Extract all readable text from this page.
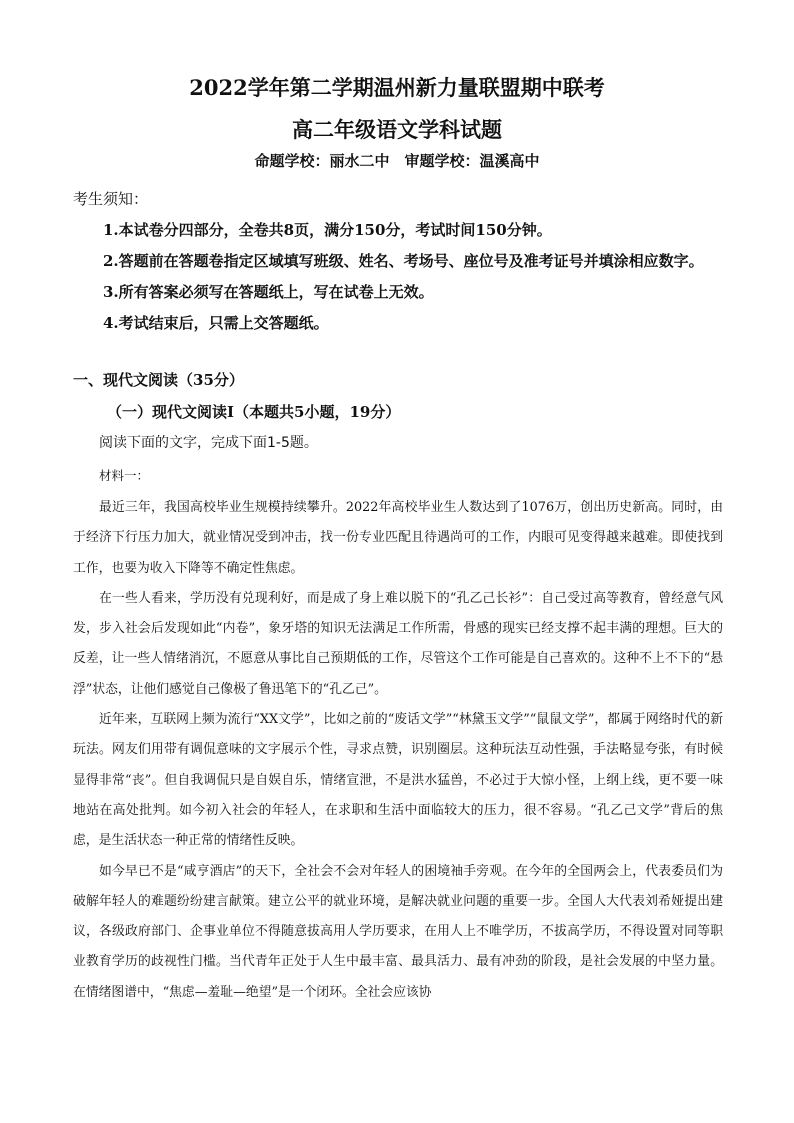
2022学年第二学期温州新力量联盟期中联考
高二年级语文学科试题
命题学校：丽水二中　审题学校：温溪高中

考生须知：

1.本试卷分四部分，全卷共8页，满分150分，考试时间150分钟。

2.答题前在答题卷指定区域填写班级、姓名、考场号、座位号及准考证号并填涂相应数字。

3.所有答案必须写在答题纸上，写在试卷上无效。

4.考试结束后，只需上交答题纸。

一、现代文阅读（35分）
（一）现代文阅读Ⅰ（本题共5小题，19分）

阅读下面的文字，完成下面1-5题。

材料一：

最近三年，我国高校毕业生规模持续攀升。2022年高校毕业生人数达到了1076万，创出历史新高。同时，由于经济下行压力加大，就业情况受到冲击，找一份专业匹配且待遇尚可的工作，内眼可见变得越来越难。即使找到工作，也要为收入下降等不确定性焦虑。

在一些人看来，学历没有兑现利好，而是成了身上难以脱下的“孔乙己长衫”：自己受过高等教育，曾经意气风发，步入社会后发现如此“内卷”，象牙塔的知识无法满足工作所需，骨感的现实已经支撑不起丰满的理想。巨大的反差，让一些人情绪消沉，不愿意从事比自己预期低的工作，尽管这个工作可能是自己喜欢的。这种不上不下的“悬浮”状态，让他们感觉自己像极了鲁迅笔下的“孔乙己”。

近年来，互联网上频为流行“XX文学”，比如之前的“废话文学”“林黛玉文学”“鼠鼠文学”，都属于网络时代的新玩法。网友们用带有调侃意味的文字展示个性，寻求点赞，识别圈层。这种玩法互动性强，手法略显夸张，有时候显得非常“丧”。但自我调侃只是自娱自乐，情绪宣泄，不是洪水猛兽，不必过于大惊小怪，上纲上线，更不要一味地站在高处批判。如今初入社会的年轻人，在求职和生活中面临较大的压力，很不容易。“孔乙己文学”背后的焦虑，是生活状态一种正常的情绪性反映。

如今早已不是“咸亨酒店”的天下，全社会不会对年轻人的困境袖手旁观。在今年的全国两会上，代表委员们为破解年轻人的难题纷纷建言献策。建立公平的就业环境，是解决就业问题的重要一步。全国人大代表刘希娅提出建议，各级政府部门、企事业单位不得随意拔高用人学历要求，在用人上不唯学历，不拔高学历，不得设置对同等职业教育学历的歧视性门槛。当代青年正处于人生中最丰富、最具活力、最有冲劲的阶段，是社会发展的中坚力量。在情绪图谱中，“焦虑—羞耻—绝望”是一个闭环。全社会应该协
